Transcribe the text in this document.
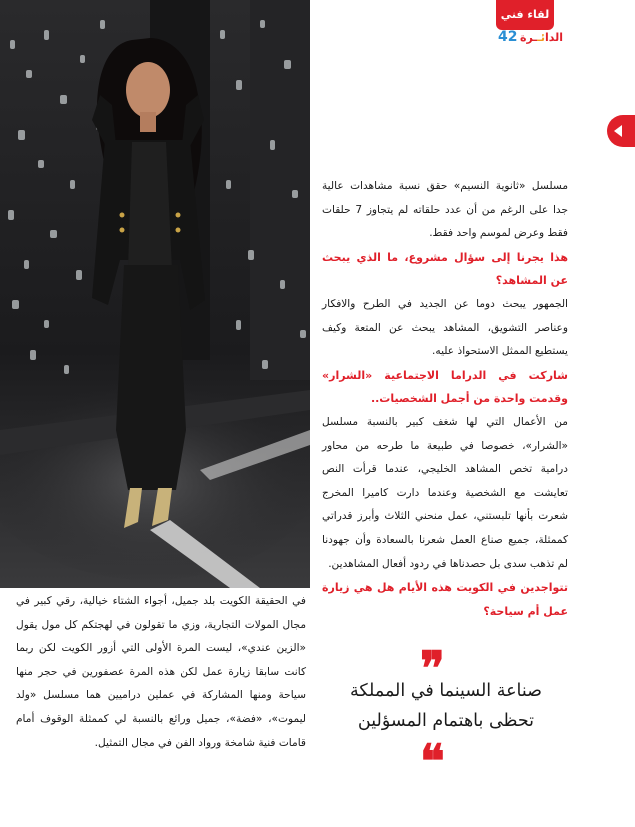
لقاء فني
42	الدائــرة

مسلسل «ثانوية النسيم» حقق نسبة مشاهدات عالية جدا على الرغم من أن عدد حلقاته لم يتجاوز 7 حلقات فقط وعرض لموسم واحد فقط.

هذا يجرنا إلى سؤال مشروع، ما الذي يبحث عن المشاهد؟

الجمهور يبحث دوما عن الجديد في الطرح والافكار وعناصر التشويق، المشاهد يبحث عن المتعة وكيف يستطيع الممثل الاستحواذ عليه.

شاركت في الدراما الاجتماعية «الشرار» وقدمت واحدة من أجمل الشخصيات..

من الأعمال التي لها شغف كبير بالنسبة مسلسل «الشرار»، خصوصا في طبيعة ما طرحه من محاور درامية تخص المشاهد الخليجي، عندما قرأت النص تعايشت مع الشخصية وعندما دارت كاميرا المخرج شعرت بأنها تلبستني، عمل منحني الثلاث وأبرز قدراتي كممثلة، جميع صناع العمل شعرنا بالسعادة وأن جهودنا لم تذهب سدى بل حصدناها في ردود أفعال المشاهدين.

تتواجدين في الكويت هذه الأيام هل هي زيارة عمل أم سياحة؟

❞
صناعة السينما في المملكة
تحظى باهتمام المسؤلين
❝

في الحقيقة الكويت بلد جميل، أجواء الشتاء خيالية، رقي كبير في مجال المولات التجارية، وزي ما تقولون في لهجتكم كل مول يقول «الزين عندي»، ليست المرة الأولى التي أزور الكويت لكن ربما كانت سابقا زيارة عمل لكن هذه المرة عصفورين في حجر منها سياحة ومنها المشاركة في عملين دراميين هما مسلسل «ولد ليموت»، «فضة»، جميل ورائع بالنسبة لي كممثلة الوقوف أمام قامات فنية شامخة ورواد الفن في مجال التمثيل.
